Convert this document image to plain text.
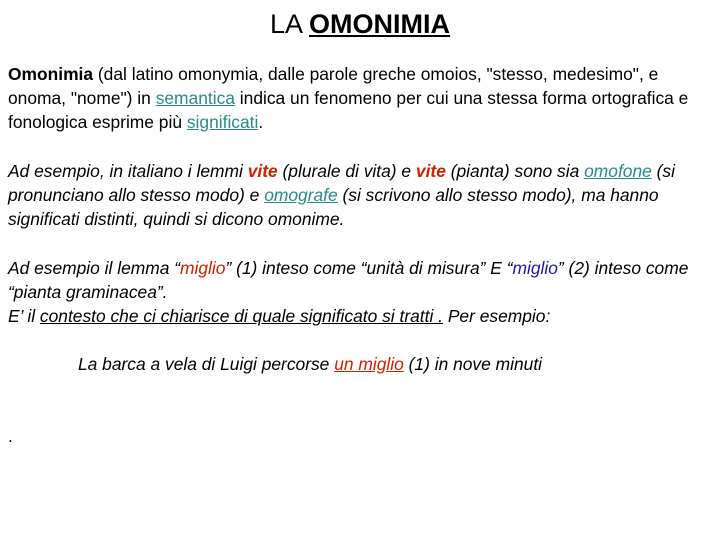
LA OMONIMIA

Omonimia (dal latino omonymia, dalle parole greche omoios, "stesso, medesimo", e onoma, "nome") in semantica indica un fenomeno per cui una stessa forma ortografica e fonologica esprime più significati.

Ad esempio, in italiano i lemmi vite (plurale di vita) e vite (pianta) sono sia omofone (si pronunciano allo stesso modo) e omografe (si scrivono allo stesso modo), ma hanno significati distinti, quindi si dicono omonime.

Ad esempio il lemma “miglio” (1) inteso come “unità di misura” E “miglio” (2) inteso come “pianta graminacea”.
E’ il contesto che ci chiarisce di quale significato si tratti . Per esempio:

La barca a vela di Luigi percorse un miglio (1) in nove minuti
.
